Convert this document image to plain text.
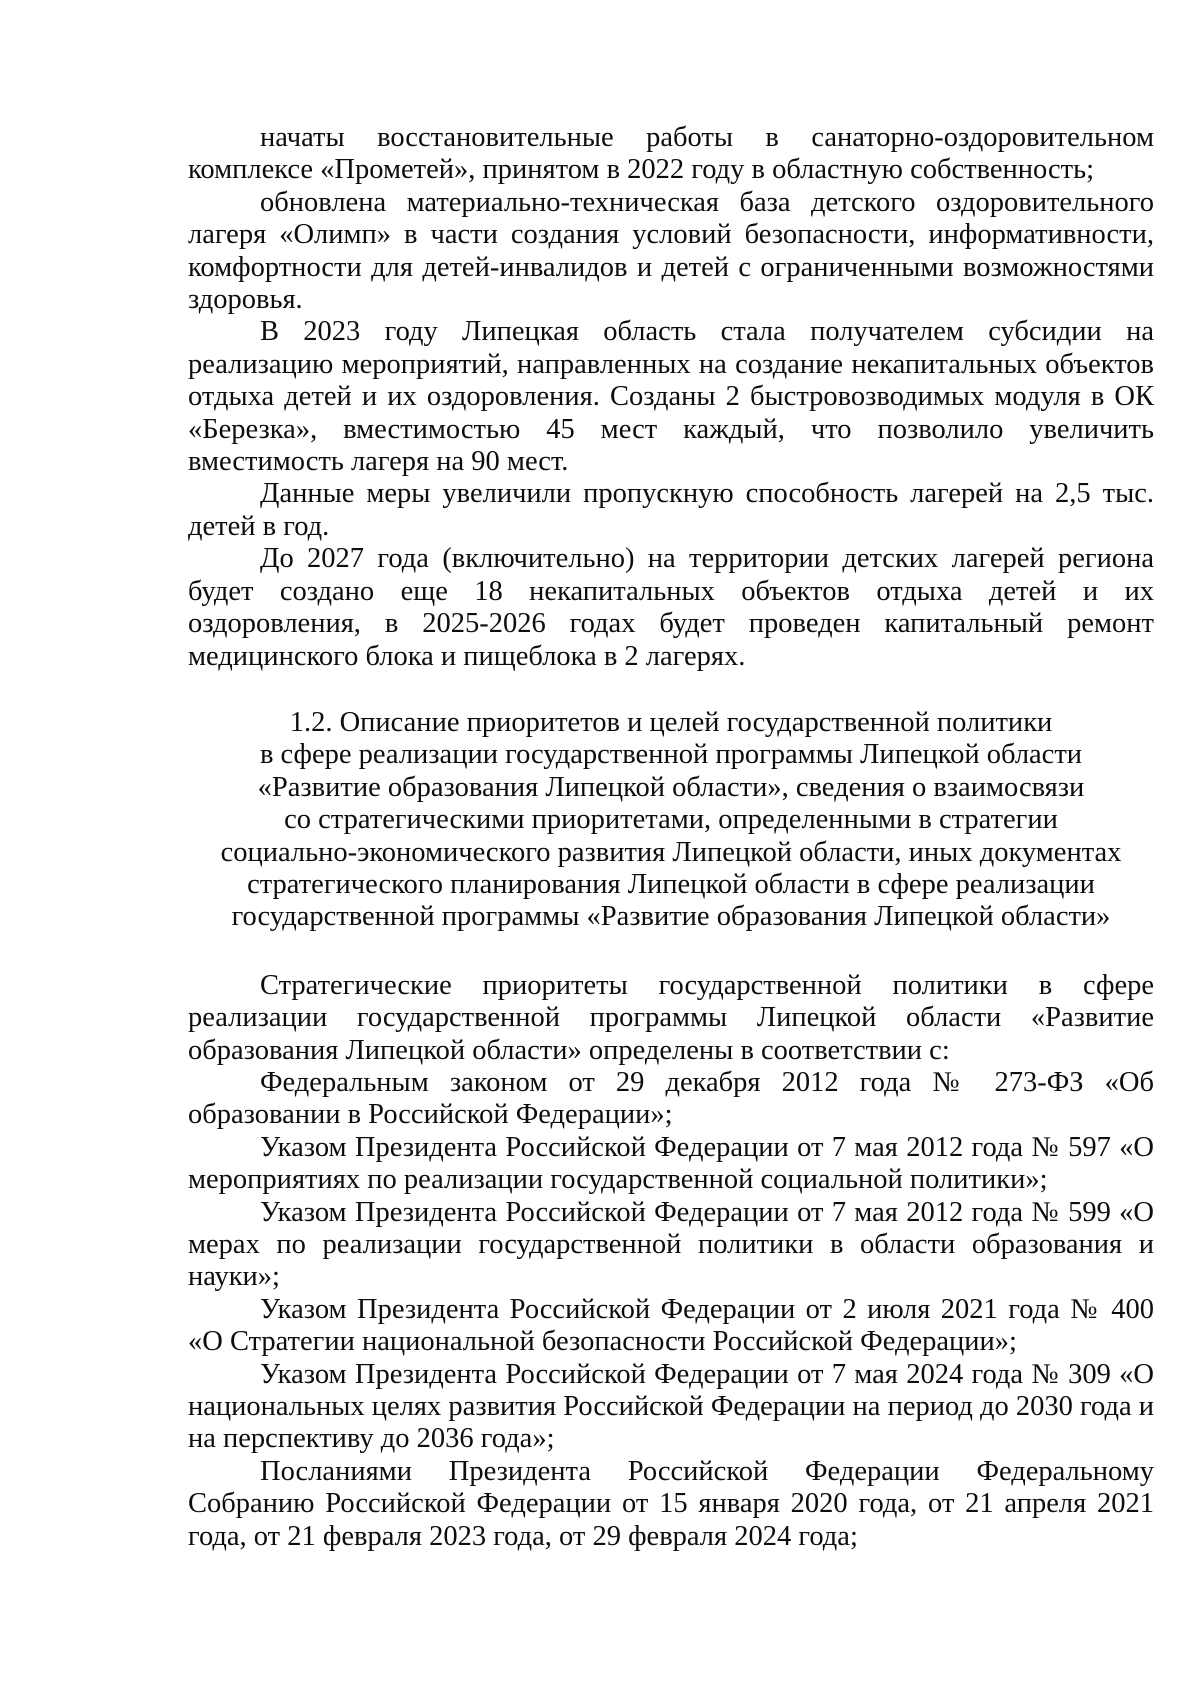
начаты восстановительные работы в санаторно-оздоровительном комплексе «Прометей», принятом в 2022 году в областную собственность;

обновлена материально-техническая база детского оздоровительного лагеря «Олимп» в части создания условий безопасности, информативности, комфортности для детей-инвалидов и детей с ограниченными возможностями здоровья.

В 2023 году Липецкая область стала получателем субсидии на реализацию мероприятий, направленных на создание некапитальных объектов отдыха детей и их оздоровления. Созданы 2 быстровозводимых модуля в ОК «Березка», вместимостью 45 мест каждый, что позволило увеличить вместимость лагеря на 90 мест.

Данные меры увеличили пропускную способность лагерей на 2,5 тыс. детей в год.

До 2027 года (включительно) на территории детских лагерей региона будет создано еще 18 некапитальных объектов отдыха детей и их оздоровления, в 2025-2026 годах будет проведен капитальный ремонт медицинского блока и пищеблока в 2 лагерях.

1.2. Описание приоритетов и целей государственной политики
в сфере реализации государственной программы Липецкой области
«Развитие образования Липецкой области», сведения о взаимосвязи
со стратегическими приоритетами, определенными в стратегии
социально-экономического развития Липецкой области, иных документах
стратегического планирования Липецкой области в сфере реализации
государственной программы «Развитие образования Липецкой области»

Стратегические приоритеты государственной политики в сфере реализации государственной программы Липецкой области «Развитие образования Липецкой области» определены в соответствии с:

Федеральным законом от 29 декабря 2012 года № 273-ФЗ «Об образовании в Российской Федерации»;

Указом Президента Российской Федерации от 7 мая 2012 года № 597 «О мероприятиях по реализации государственной социальной политики»;

Указом Президента Российской Федерации от 7 мая 2012 года № 599 «О мерах по реализации государственной политики в области образования и науки»;

Указом Президента Российской Федерации от 2 июля 2021 года № 400 «О Стратегии национальной безопасности Российской Федерации»;

Указом Президента Российской Федерации от 7 мая 2024 года № 309 «О национальных целях развития Российской Федерации на период до 2030 года и на перспективу до 2036 года»;

Посланиями Президента Российской Федерации Федеральному Собранию Российской Федерации от 15 января 2020 года, от 21 апреля 2021 года, от 21 февраля 2023 года, от 29 февраля 2024 года;
